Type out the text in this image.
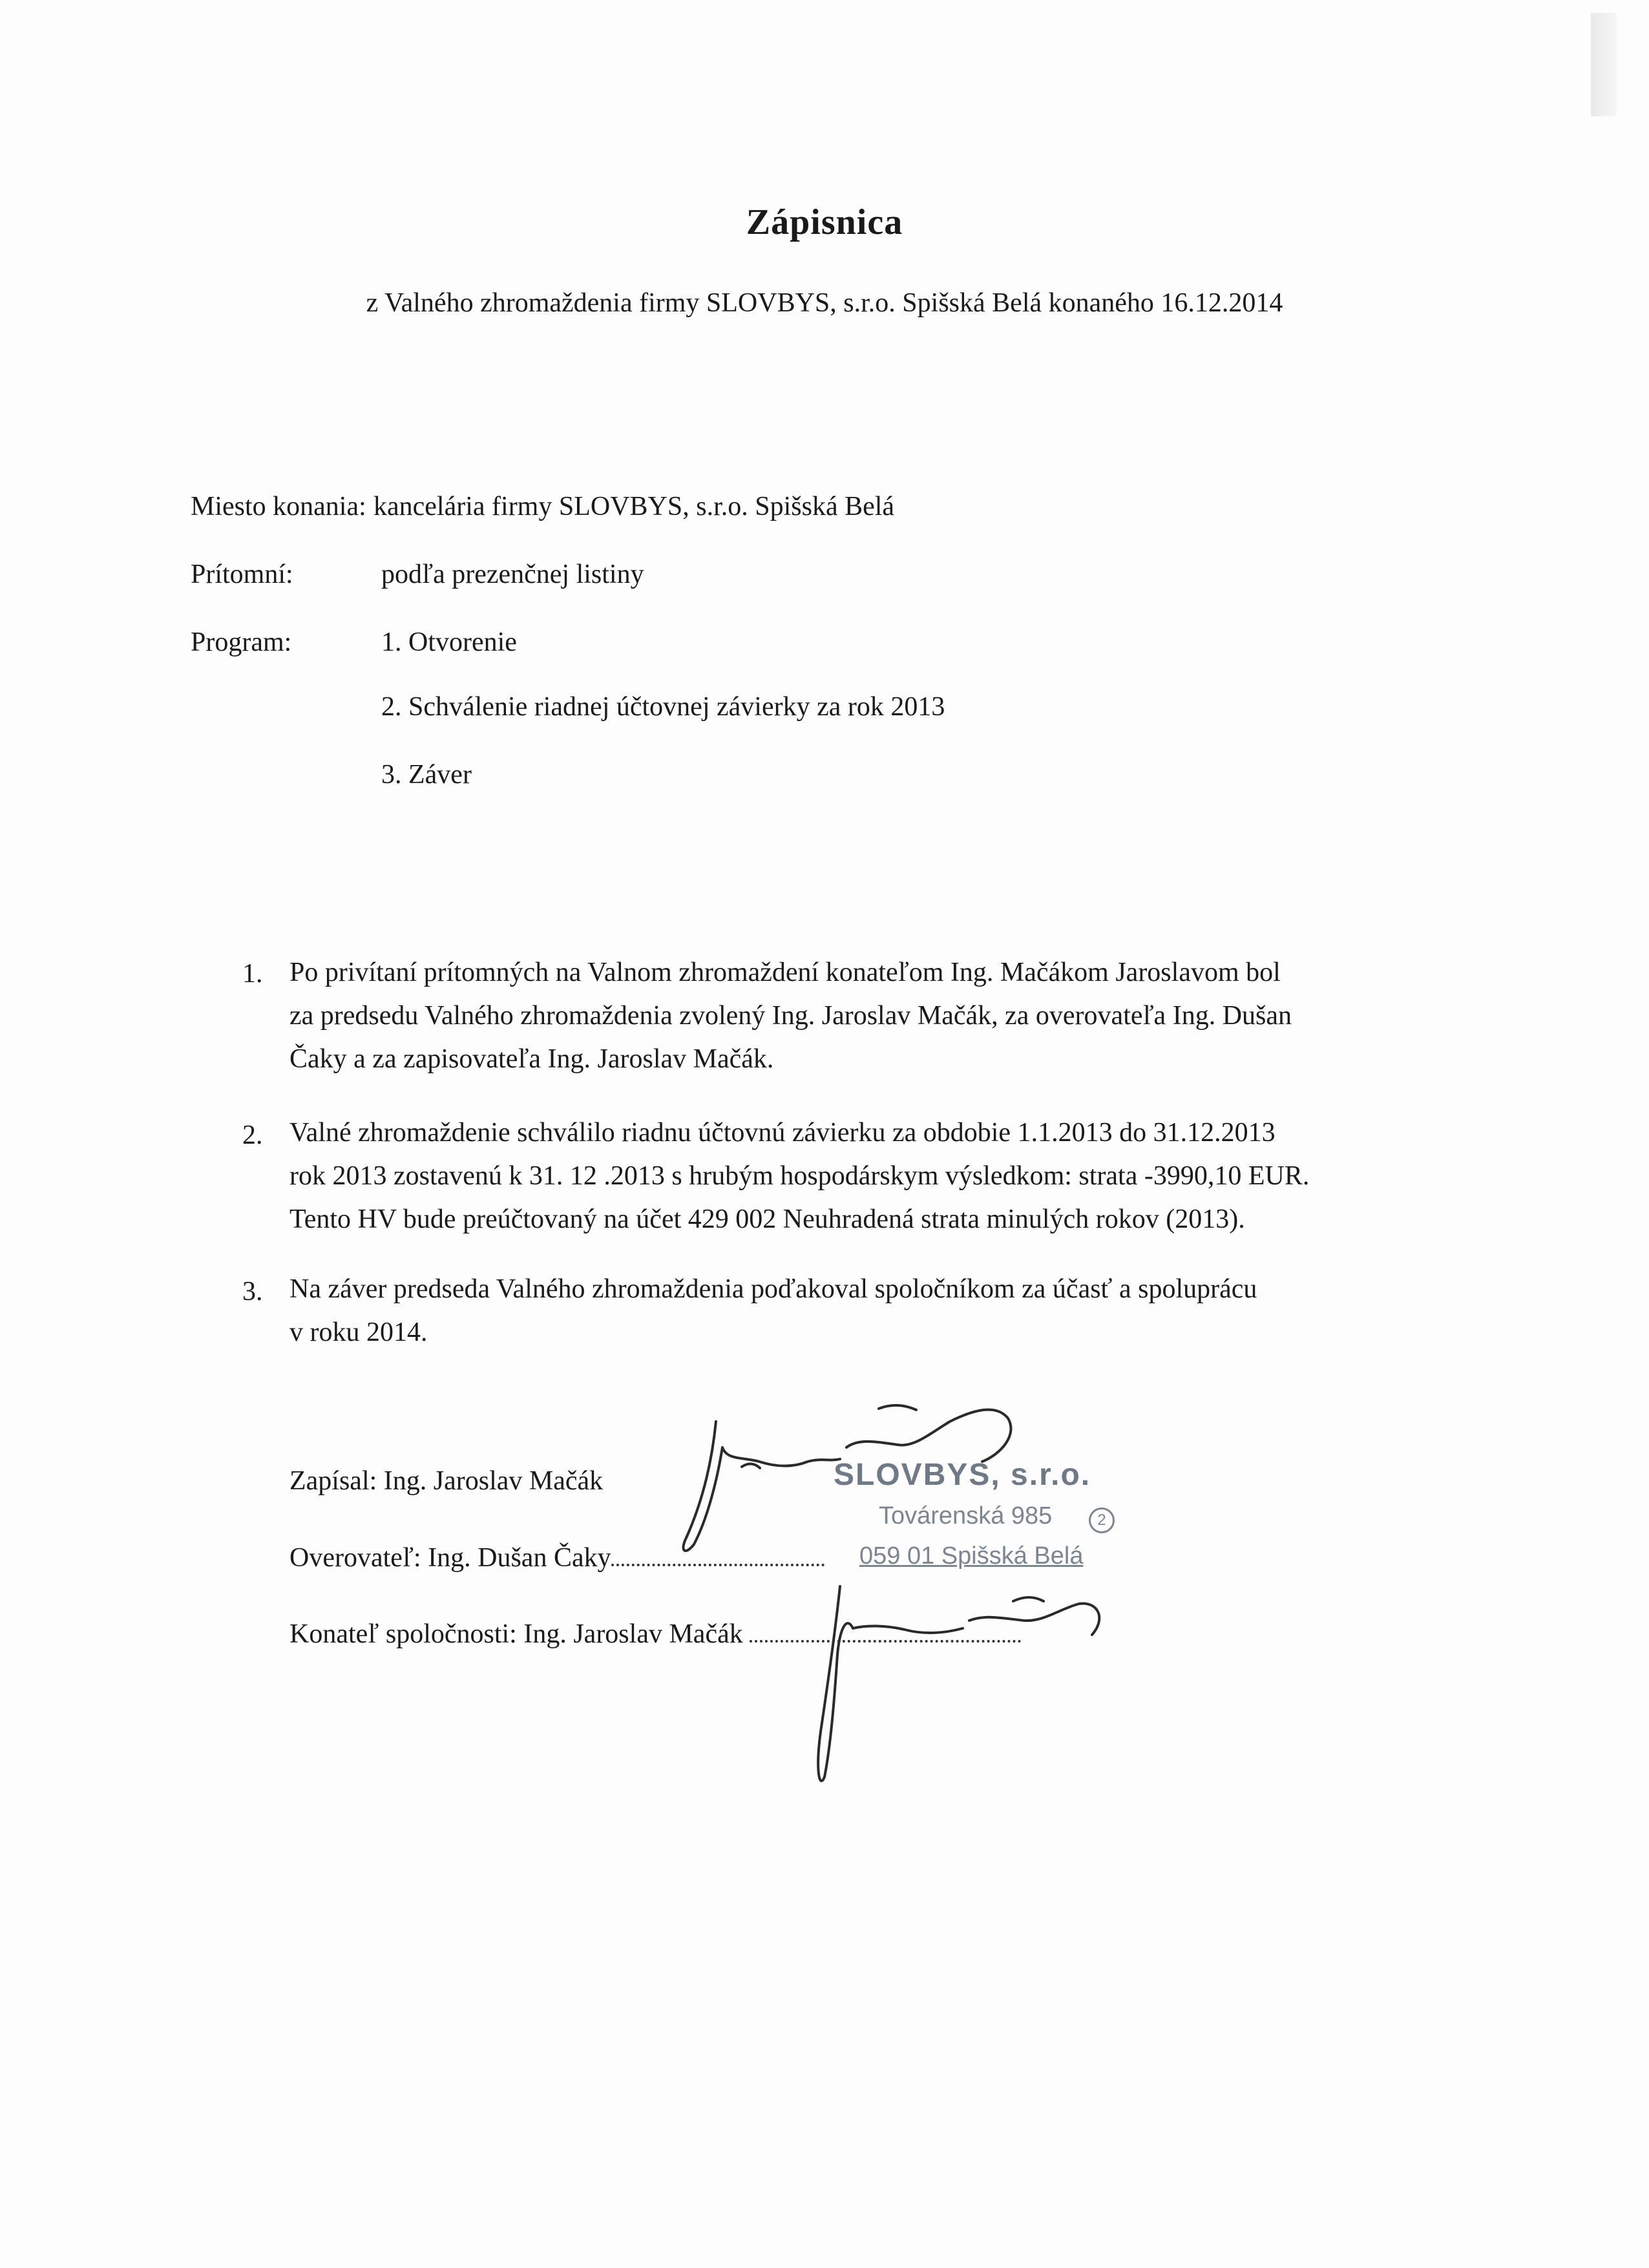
Zápisnica
z Valného zhromaždenia firmy SLOVBYS, s.r.o. Spišská Belá konaného 16.12.2014
Miesto konania: kancelária firmy SLOVBYS, s.r.o. Spišská Belá
Prítomní:	podľa prezenčnej listiny
Program:	1. Otvorenie
2. Schválenie riadnej účtovnej závierky za rok 2013
3. Záver
1. Po privítaní prítomných na Valnom zhromaždení konateľom Ing. Mačákom Jaroslavom bol
za predsedu Valného zhromaždenia zvolený Ing. Jaroslav Mačák, za overovateľa Ing. Dušan
Čaky a za zapisovateľa Ing. Jaroslav Mačák.
2. Valné zhromaždenie schválilo riadnu účtovnú závierku za obdobie 1.1.2013 do 31.12.2013
rok 2013 zostavenú k 31. 12 .2013 s hrubým hospodárskym výsledkom: strata -3990,10 EUR.
Tento HV bude preúčtovaný na účet 429 002 Neuhradená strata minulých rokov (2013).
3. Na záver predseda Valného zhromaždenia poďakoval spoločníkom za účasť a spoluprácu
v roku 2014.
Zapísal: Ing. Jaroslav Mačák
Overovateľ: Ing. Dušan Čaky
Konateľ spoločnosti: Ing. Jaroslav Mačák
SLOVBYS, s.r.o.
Továrenská 985	2
059 01 Spišská Belá
